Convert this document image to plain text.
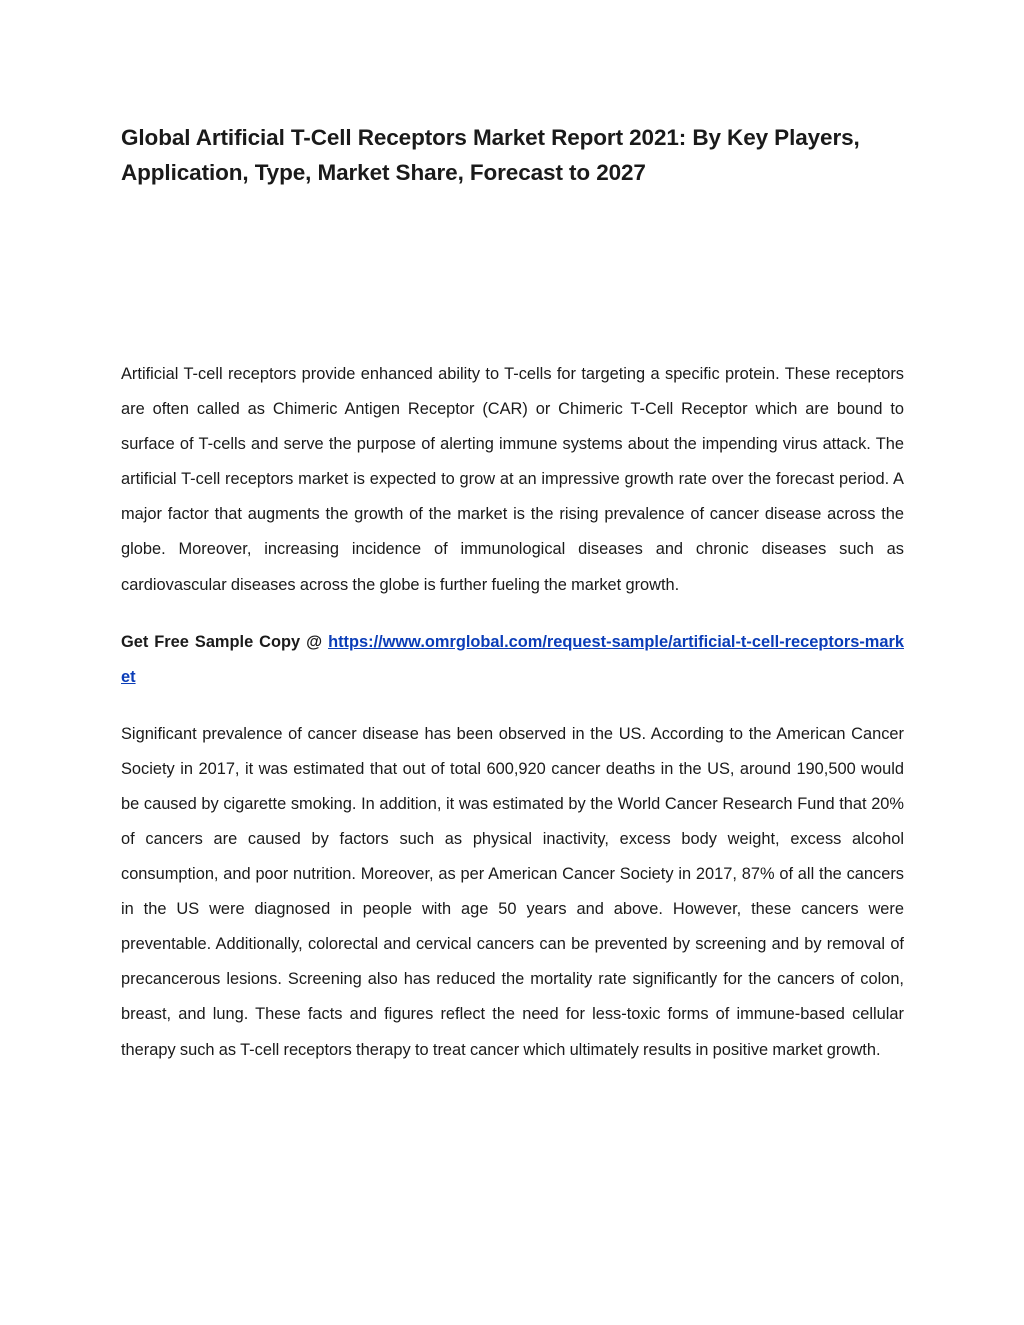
Global Artificial T-Cell Receptors Market Report 2021: By Key Players, Application, Type, Market Share, Forecast to 2027

Artificial T-cell receptors provide enhanced ability to T-cells for targeting a specific protein. These receptors are often called as Chimeric Antigen Receptor (CAR) or Chimeric T-Cell Receptor which are bound to surface of T-cells and serve the purpose of alerting immune systems about the impending virus attack. The artificial T-cell receptors market is expected to grow at an impressive growth rate over the forecast period. A major factor that augments the growth of the market is the rising prevalence of cancer disease across the globe. Moreover, increasing incidence of immunological diseases and chronic diseases such as cardiovascular diseases across the globe is further fueling the market growth.

Get Free Sample Copy @ https://www.omrglobal.com/request-sample/artificial-t-cell-receptors-market

Significant prevalence of cancer disease has been observed in the US. According to the American Cancer Society in 2017, it was estimated that out of total 600,920 cancer deaths in the US, around 190,500 would be caused by cigarette smoking. In addition, it was estimated by the World Cancer Research Fund that 20% of cancers are caused by factors such as physical inactivity, excess body weight, excess alcohol consumption, and poor nutrition. Moreover, as per American Cancer Society in 2017, 87% of all the cancers in the US were diagnosed in people with age 50 years and above. However, these cancers were preventable. Additionally, colorectal and cervical cancers can be prevented by screening and by removal of precancerous lesions. Screening also has reduced the mortality rate significantly for the cancers of colon, breast, and lung. These facts and figures reflect the need for less-toxic forms of immune-based cellular therapy such as T-cell receptors therapy to treat cancer which ultimately results in positive market growth.
